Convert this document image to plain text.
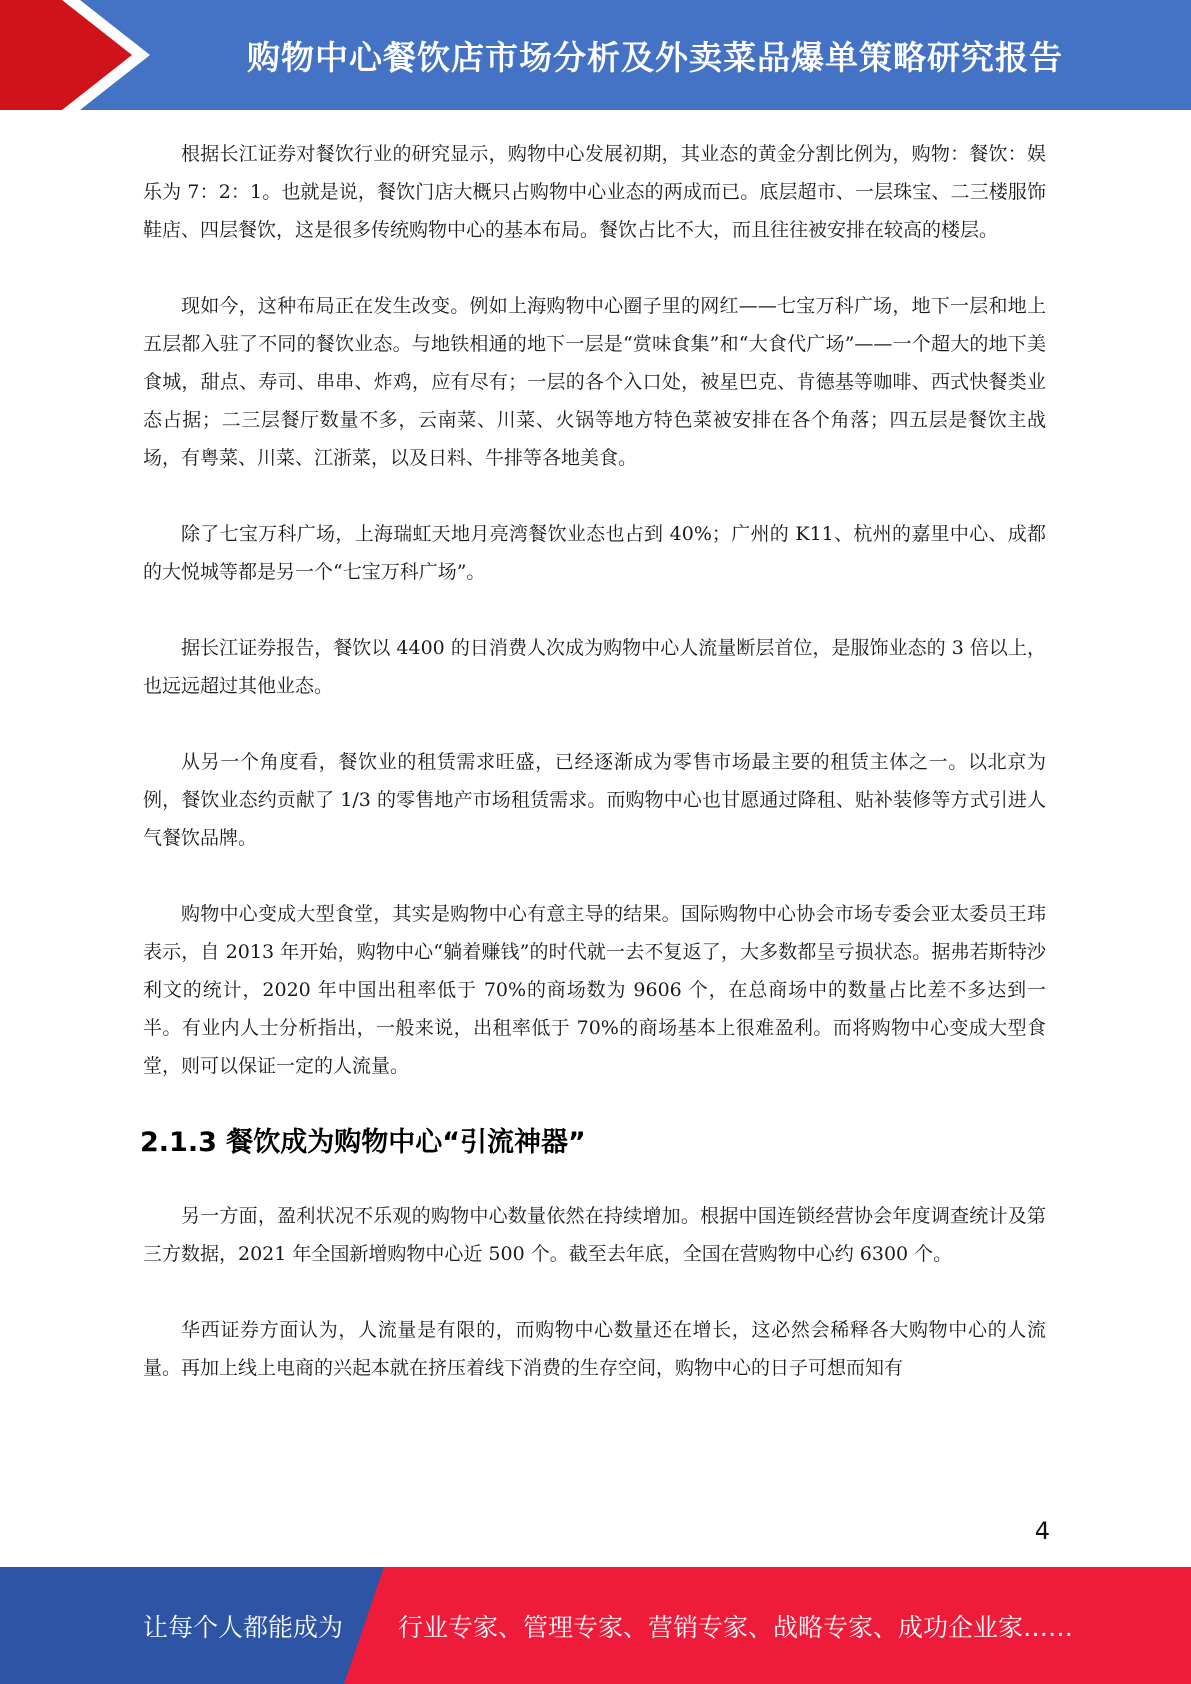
购物中心餐饮店市场分析及外卖菜品爆单策略研究报告

根据长江证券对餐饮行业的研究显示，购物中心发展初期，其业态的黄金分割比例为，购物：餐饮：娱乐为 7：2：1。也就是说，餐饮门店大概只占购物中心业态的两成而已。底层超市、一层珠宝、二三楼服饰鞋店、四层餐饮，这是很多传统购物中心的基本布局。餐饮占比不大，而且往往被安排在较高的楼层。

现如今，这种布局正在发生改变。例如上海购物中心圈子里的网红——七宝万科广场，地下一层和地上五层都入驻了不同的餐饮业态。与地铁相通的地下一层是“赏味食集”和“大食代广场”——一个超大的地下美食城，甜点、寿司、串串、炸鸡，应有尽有；一层的各个入口处，被星巴克、肯德基等咖啡、西式快餐类业态占据；二三层餐厅数量不多，云南菜、川菜、火锅等地方特色菜被安排在各个角落；四五层是餐饮主战场，有粤菜、川菜、江浙菜，以及日料、牛排等各地美食。

除了七宝万科广场，上海瑞虹天地月亮湾餐饮业态也占到 40%；广州的 K11、杭州的嘉里中心、成都的大悦城等都是另一个“七宝万科广场”。

据长江证券报告，餐饮以 4400 的日消费人次成为购物中心人流量断层首位，是服饰业态的 3 倍以上，也远远超过其他业态。

从另一个角度看，餐饮业的租赁需求旺盛，已经逐渐成为零售市场最主要的租赁主体之一。以北京为例，餐饮业态约贡献了 1/3 的零售地产市场租赁需求。而购物中心也甘愿通过降租、贴补装修等方式引进人气餐饮品牌。

购物中心变成大型食堂，其实是购物中心有意主导的结果。国际购物中心协会市场专委会亚太委员王玮表示，自 2013 年开始，购物中心“躺着赚钱”的时代就一去不复返了，大多数都呈亏损状态。据弗若斯特沙利文的统计，2020 年中国出租率低于 70%的商场数为 9606 个，在总商场中的数量占比差不多达到一半。有业内人士分析指出，一般来说，出租率低于 70%的商场基本上很难盈利。而将购物中心变成大型食堂，则可以保证一定的人流量。

2.1.3 餐饮成为购物中心“引流神器”

另一方面，盈利状况不乐观的购物中心数量依然在持续增加。根据中国连锁经营协会年度调查统计及第三方数据，2021 年全国新增购物中心近 500 个。截至去年底，全国在营购物中心约 6300 个。

华西证券方面认为，人流量是有限的，而购物中心数量还在增长，这必然会稀释各大购物中心的人流量。再加上线上电商的兴起本就在挤压着线下消费的生存空间，购物中心的日子可想而知有

4
让每个人都能成为 行业专家、管理专家、营销专家、战略专家、成功企业家……
